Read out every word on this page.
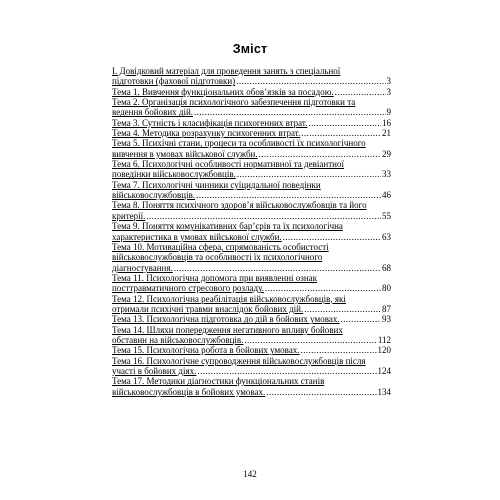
Зміст
I. Довідковий матеріал для проведення занять з спеціальної
підготовки (фахової підготовки) .....	3
Тема 1. Вивчення функціональних обов’язків за посадою. .....	3
Тема 2. Організація психологічного забезпечення підготовки та
ведення бойових дій. .....	9
Тема 3. Сутність і класифікація психогенних втрат. .....	16
Тема 4. Методика розрахунку психогенних втрат. .....	21
Тема 5. Психічні стани, процеси та особливості їх психологічного
вивчення в умовах військової служби. .....	29
Тема 6. Психологічні особливості нормативної та девіантної
поведінки військовослужбовців. .....	33
Тема 7. Психологічні чинники суїцидальної поведінки
військовослужбовців. .....	46
Тема 8. Поняття психічного здоров’я військовослужбовців та його
критерії. .....	55
Тема 9. Поняття комунікативних бар’єрів та їх психологічна
характеристика в умовах військової служби. .....	63
Тема 10. Мотиваційна сфера, спрямованість особистості
військовослужбовців та особливості їх психологічного
діагностування. .....	68
Тема 11. Психологічна допомога при виявленні ознак
посттравматичного стресового розладу. .....	80
Тема 12. Психологічна реабілітація військовослужбовців, які
отримали психічні травми внаслідок бойових дій. .....	87
Тема 13. Психологічна підготовка до дій в бойових умовах. .....	93
Тема 14. Шляхи попередження негативного впливу бойових
обставин на військовослужбовців. .....	112
Тема 15. Психологічна робота в бойових умовах. .....	120
Тема 16. Психологічне супроводження військовослужбовців після
участі в бойових діях. .....	124
Тема 17. Методики діагностики функціональних станів
військовослужбовців в бойових умовах. .....	134
142
